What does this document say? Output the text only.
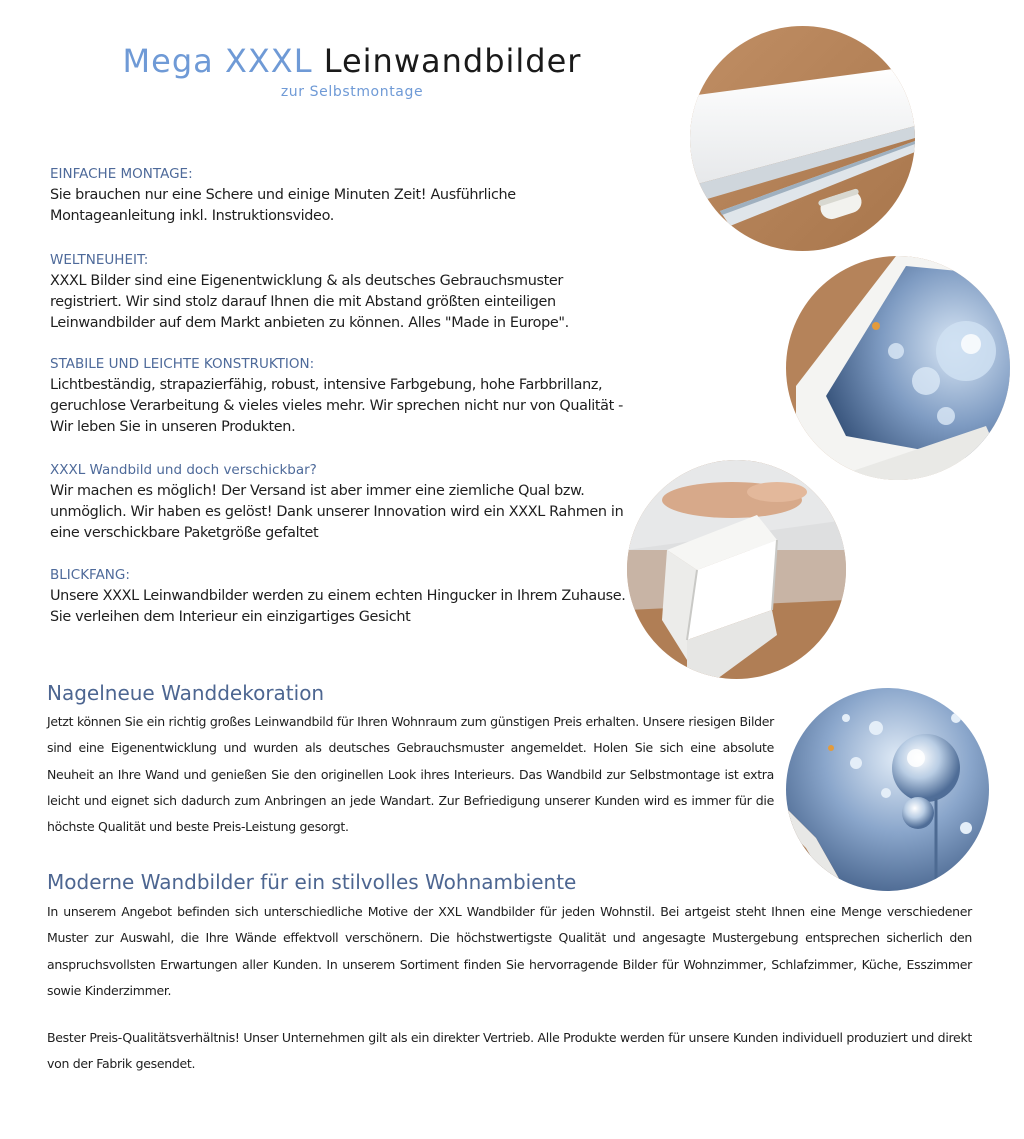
Mega XXXL Leinwandbilder
zur Selbstmontage
EINFACHE MONTAGE:

Sie brauchen nur eine Schere und einige Minuten Zeit! Ausführliche Montageanleitung inkl. Instruktionsvideo.

WELTNEUHEIT:

XXXL Bilder sind eine Eigenentwicklung & als deutsches Gebrauchsmuster registriert. Wir sind stolz darauf Ihnen die mit Abstand größten einteiligen Leinwandbilder auf dem Markt anbieten zu können. Alles "Made in Europe".

STABILE UND LEICHTE KONSTRUKTION:

Lichtbeständig, strapazierfähig, robust, intensive Farbgebung, hohe Farbbrillanz, geruchlose Verarbeitung & vieles vieles mehr. Wir sprechen nicht nur von Qualität - Wir leben Sie in unseren Produkten.

XXXL Wandbild und doch verschickbar?

Wir machen es möglich! Der Versand ist aber immer eine ziemliche Qual bzw. unmöglich. Wir haben es gelöst! Dank unserer Innovation wird ein XXXL Rahmen in eine verschickbare Paketgröße gefaltet

BLICKFANG:

Unsere XXXL Leinwandbilder werden zu einem echten Hingucker in Ihrem Zuhause. Sie verleihen dem Interieur ein einzigartiges Gesicht

Nagelneue Wanddekoration

Jetzt können Sie ein richtig großes Leinwandbild für Ihren Wohnraum zum günstigen Preis erhalten. Unsere riesigen Bilder sind eine Eigenentwicklung und wurden als deutsches Gebrauchsmuster angemeldet. Holen Sie sich eine absolute Neuheit an Ihre Wand und genießen Sie den originellen Look ihres Interieurs. Das Wandbild zur Selbstmontage ist extra leicht und eignet sich dadurch zum Anbringen an jede Wandart. Zur Befriedigung unserer Kunden wird es immer für die höchste Qualität und beste Preis-Leistung gesorgt.

Moderne Wandbilder für ein stilvolles Wohnambiente

In unserem Angebot befinden sich unterschiedliche Motive der XXL Wandbilder für jeden Wohnstil. Bei artgeist steht Ihnen eine Menge verschiedener Muster zur Auswahl, die Ihre Wände effektvoll verschönern. Die höchstwertigste Qualität und angesagte Mustergebung entsprechen sicherlich den anspruchsvollsten Erwartungen aller Kunden. In unserem Sortiment finden Sie hervorragende Bilder für Wohnzimmer, Schlafzimmer, Küche, Esszimmer sowie Kinderzimmer.

Bester Preis-Qualitätsverhältnis! Unser Unternehmen gilt als ein direkter Vertrieb. Alle Produkte werden für unsere Kunden individuell produziert und direkt von der Fabrik gesendet.
